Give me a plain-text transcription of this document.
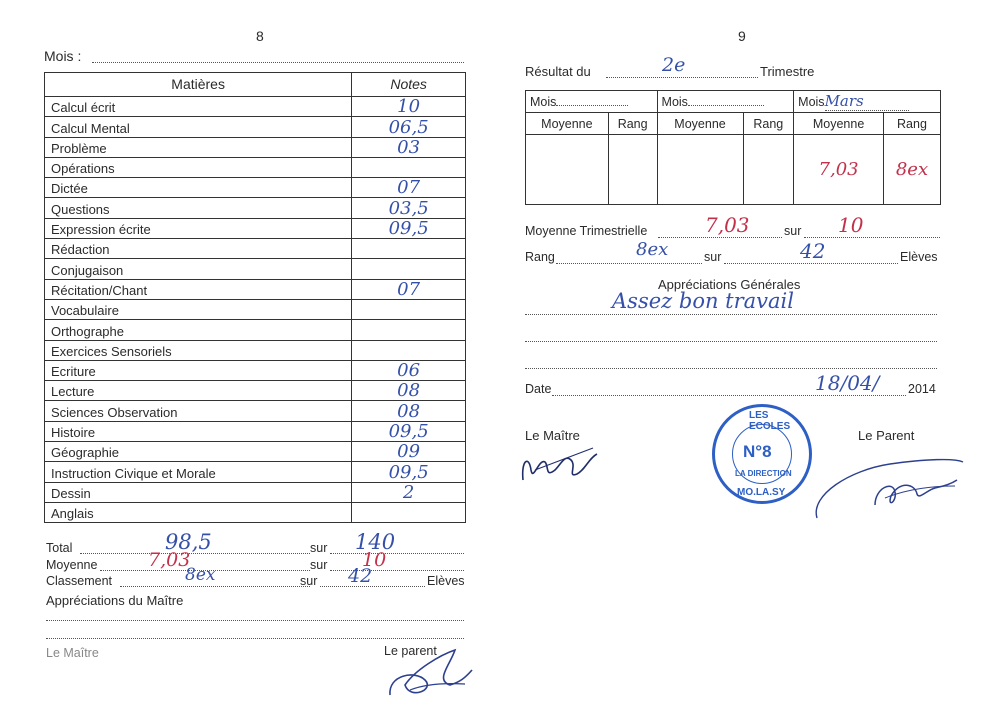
8
Mois :
Matières	Notes
Calcul écrit	10
Calcul Mental	06,5
Problème	03
Opérations	
Dictée	07
Questions	03,5
Expression écrite	09,5
Rédaction	
Conjugaison	
Récitation/Chant	07
Vocabulaire	
Orthographe	
Exercices Sensoriels	
Ecriture	06
Lecture	08
Sciences Observation	08
Histoire	09,5
Géographie	09
Instruction Civique et Morale	09,5
Dessin	2
Anglais	
Total	98,5	sur 140
Moyenne	7,03	sur 10
Classement	8ex	sur 42	Elèves
Appréciations du Maître
Le Maître	Le parent
9
Résultat du	2e	Trimestre
Mois		Mois		MoisMars	
Moyenne	Rang	Moyenne	Rang	Moyenne	Rang
				7,03	8ex
Moyenne Trimestrielle	7,03	sur 10
Rang	8ex	sur	42	Elèves
Appréciations Générales
Assez bon travail
Date	18/04/ 2014
Le Maître	Le Parent
LES ECOLES
N°8
LA DIRECTION
MO.LA.SY
